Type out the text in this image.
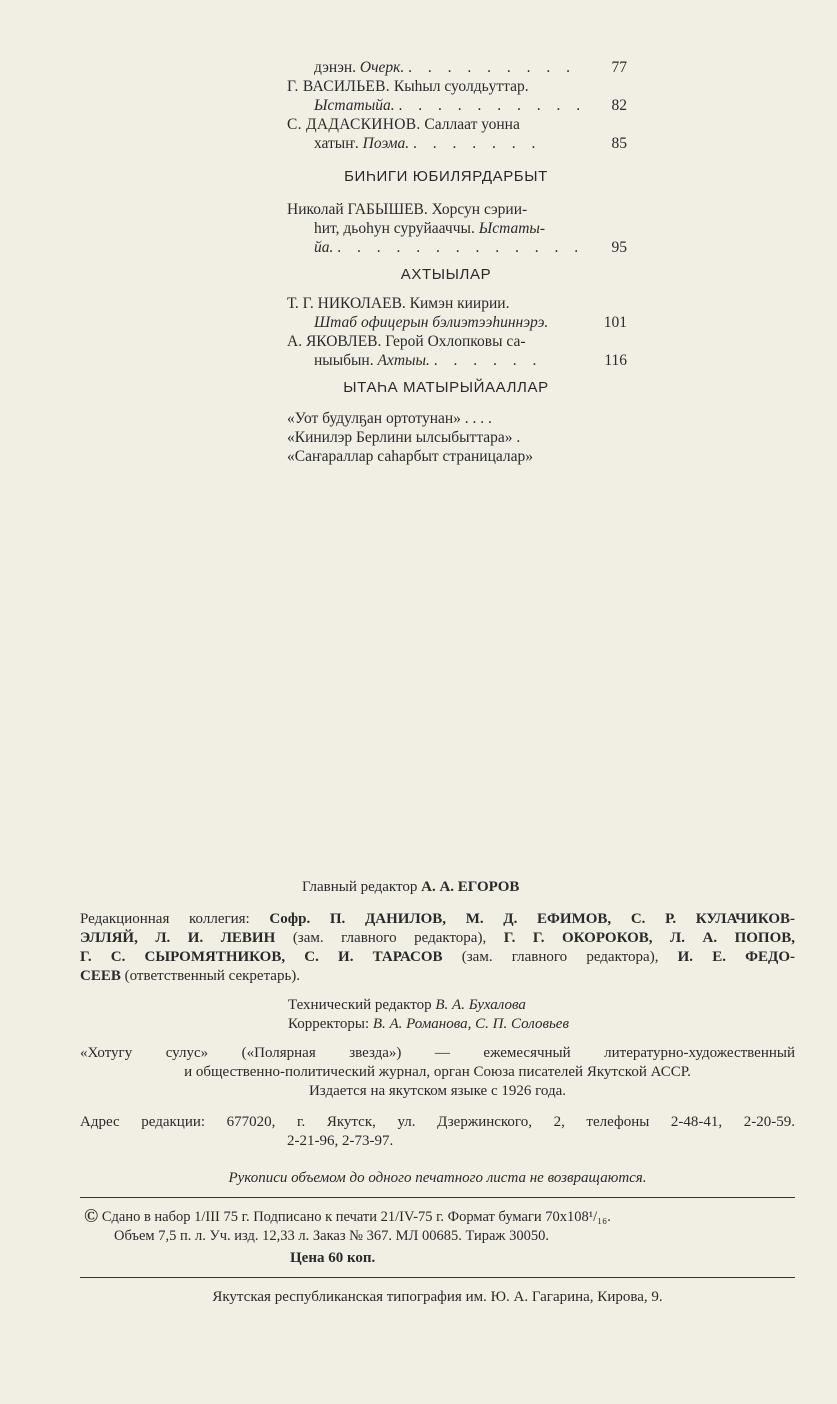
дэнэн. Очерк. . . . . . . . . .	77
Г. ВАСИЛЬЕВ. Кыһыл суолдьуттар.
Ыстатыйа. . . . . . . . . . .	82
С. ДАДАСКИНОВ. Саллаат уонна
хатыҥ. Поэма. . . . . . . .	85
БИҺИГИ ЮБИЛЯРДАРБЫТ
Николай ГАБЫШЕВ. Хорсун сэрии-
һит, дьоһун суруйааччы. Ыстаты-
йа. . . . . . . . . . . . . .	95
АХТЫЫЛАР
Т. Г. НИКОЛАЕВ. Кимэн киирии.
Штаб офицерын бэлиэтээһиннэрэ.	101
А. ЯКОВЛЕВ. Герой Охлопковы са-
ныыбын. Ахтыы. . . . . . .	116
ЫТАҺА МАТЫРЫЙААЛЛАР
«Уот будулҕан ортотунан» . . . .
«Кинилэр Берлини ылсыбыттара» .
«Саҥараллар саһарбыт страницалар»

Главный редактор А. А. ЕГОРОВ

Редакционная коллегия: Софр. П. ДАНИЛОВ, М. Д. ЕФИМОВ, С. Р. КУЛАЧИКОВ-

ЭЛЛЯЙ, Л. И. ЛЕВИН (зам. главного редактора), Г. Г. ОКОРОКОВ, Л. А. ПОПОВ,

Г. С. СЫРОМЯТНИКОВ, С. И. ТАРАСОВ (зам. главного редактора), И. Е. ФЕДО-

СЕЕВ (ответственный секретарь).

Технический редактор В. А. Бухалова

Корректоры: В. А. Романова, С. П. Соловьев

«Хотугу сулус» («Полярная звезда») — ежемесячный литературно-художественный

и общественно-политический журнал, орган Союза писателей Якутской АССР.

Издается на якутском языке с 1926 года.

Адрес редакции: 677020, г. Якутск, ул. Дзержинского, 2, телефоны 2-48-41, 2-20-59.

2-21-96, 2-73-97.

Рукописи объемом до одного печатного листа не возвращаются.

© Сдано в набор 1/III 75 г. Подписано к печати 21/IV-75 г. Формат бумаги 70x108¹/₁₆.

Объем 7,5 п. л. Уч. изд. 12,33 л. Заказ № 367. МЛ 00685. Тираж 30050.

Цена 60 коп.

Якутская республиканская типография им. Ю. А. Гагарина, Кирова, 9.
